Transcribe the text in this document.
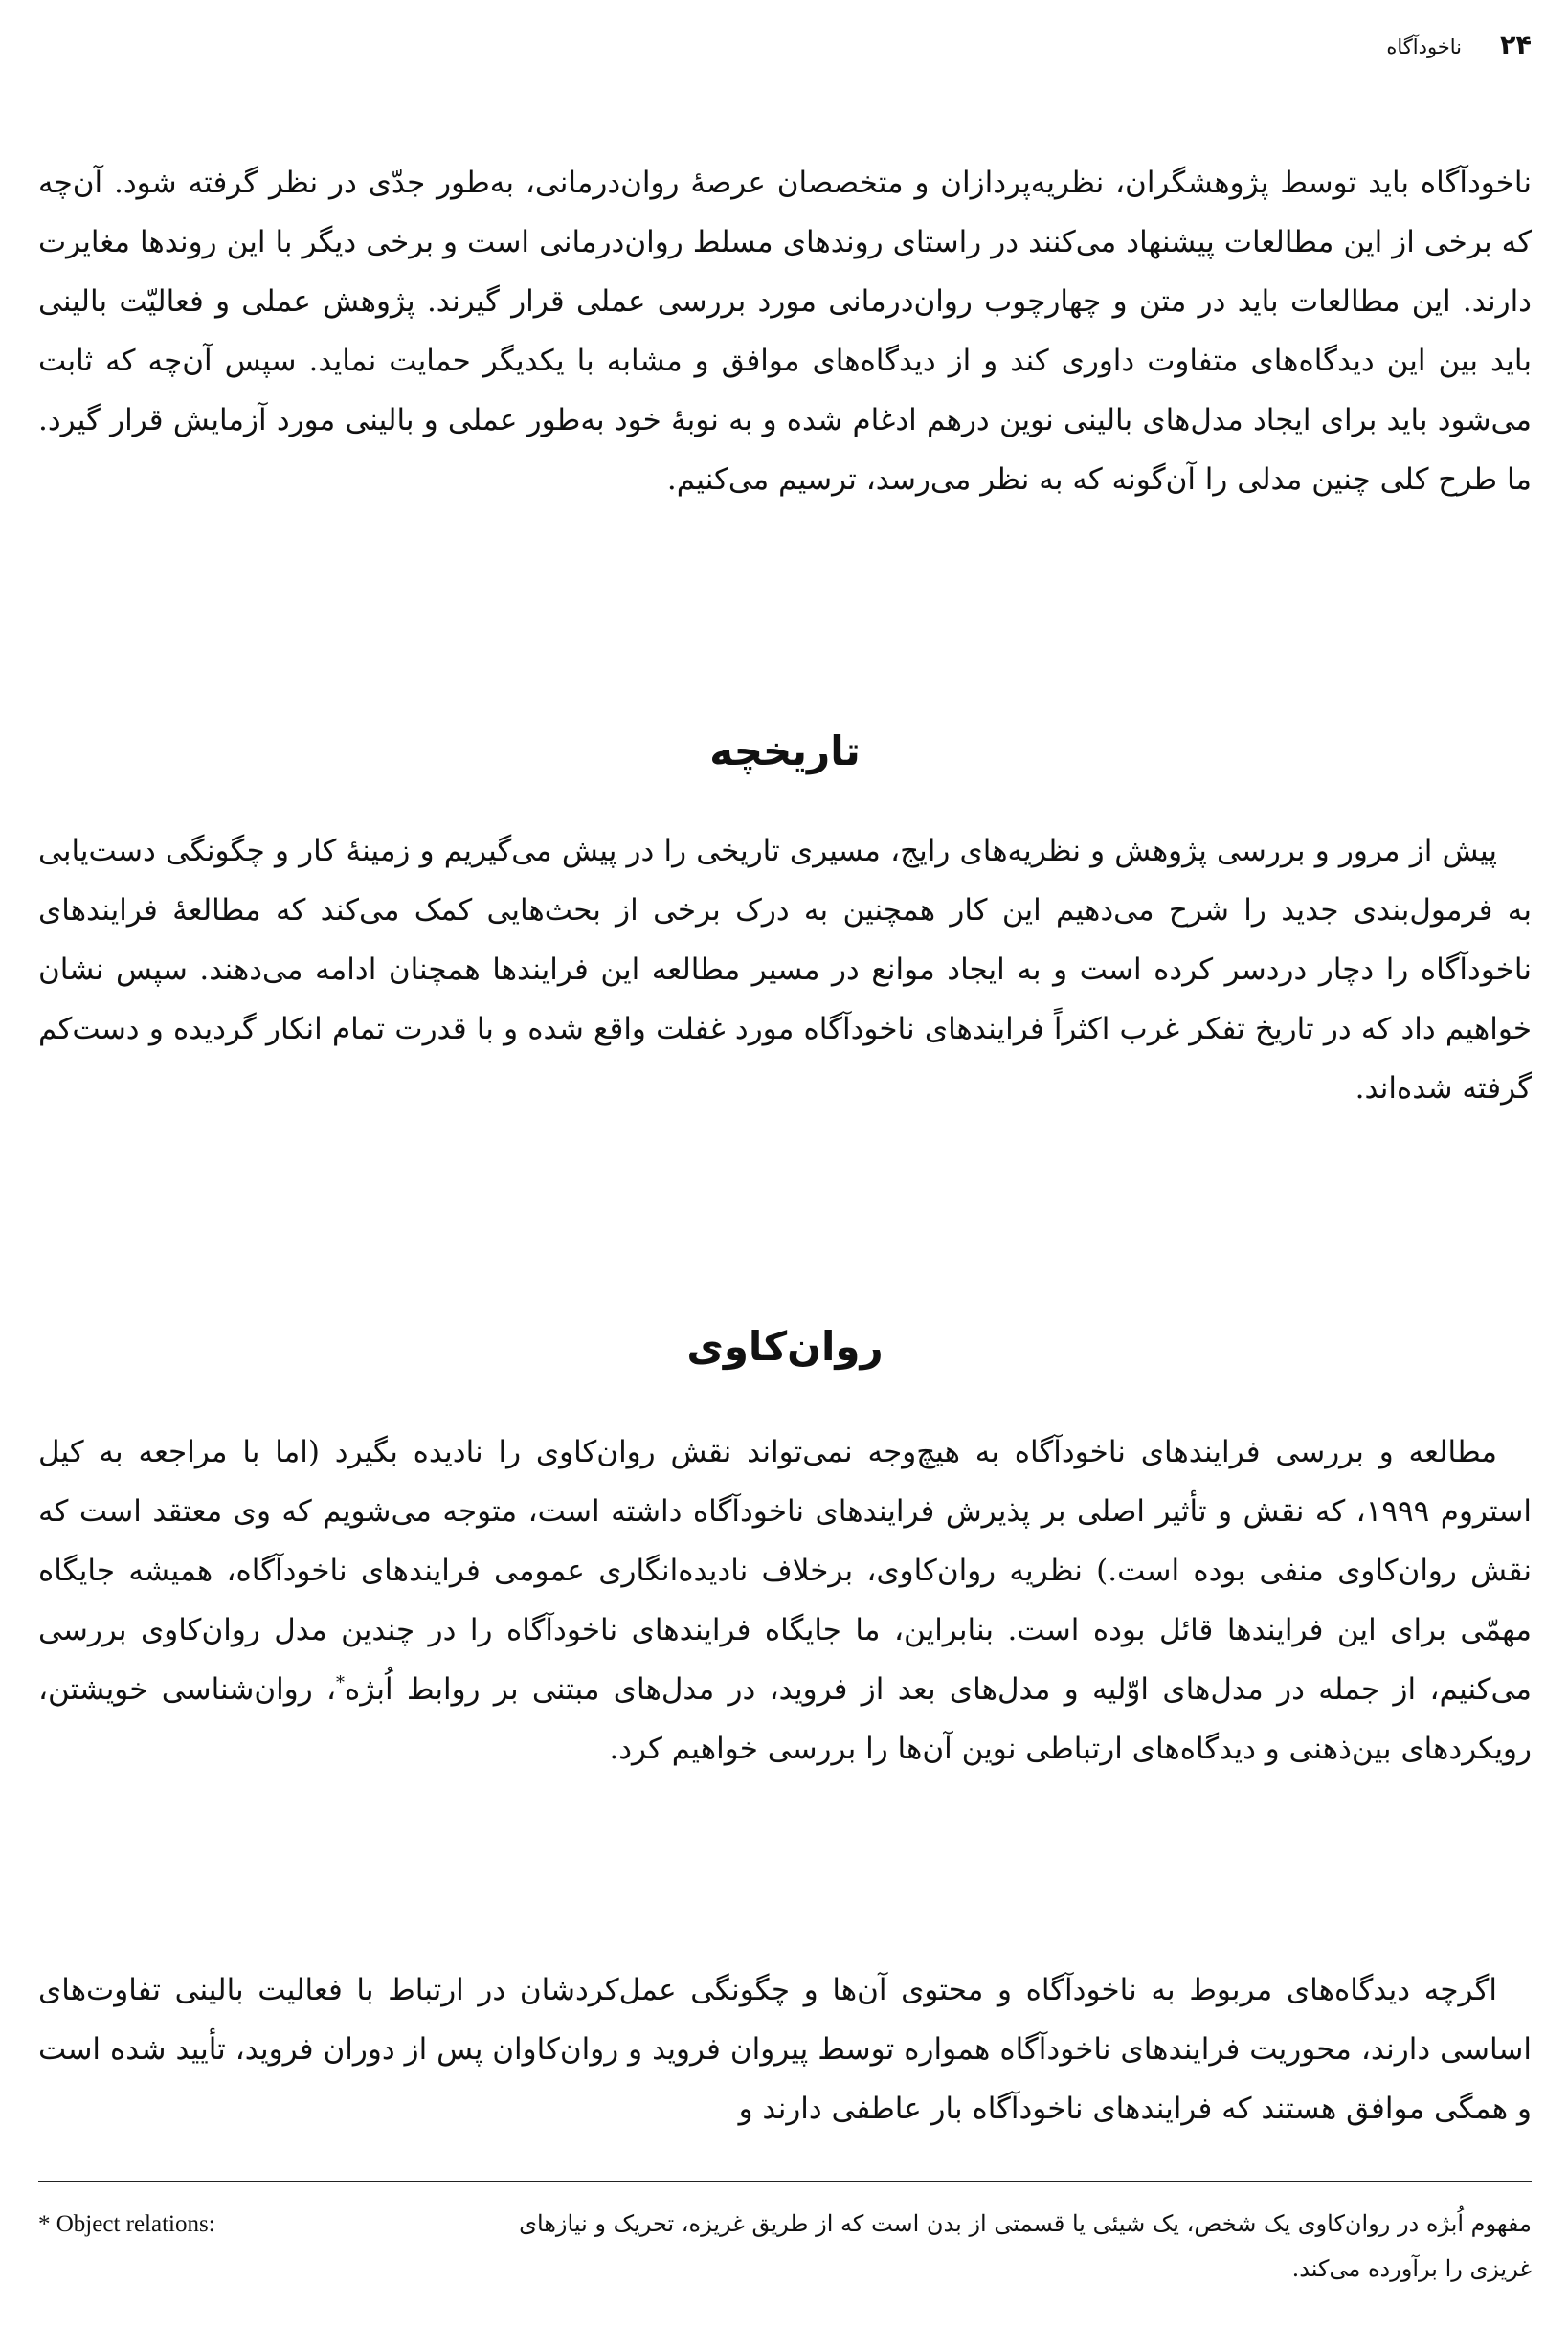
۲۴
ناخودآگاه

ناخودآگاه باید توسط پژوهشگران، نظریه‌پردازان و متخصصان عرصهٔ روان‌درمانی، به‌طور جدّی در نظر گرفته شود. آن‌چه که برخی از این مطالعات پیشنهاد می‌کنند در راستای روندهای مسلط روان‌درمانی است و برخی دیگر با این روندها مغایرت دارند. این مطالعات باید در متن و چهارچوب روان‌درمانی مورد بررسی عملی قرار گیرند. پژوهش عملی و فعالیّت بالینی باید بین این دیدگاه‌های متفاوت داوری کند و از دیدگاه‌های موافق و مشابه با یکدیگر حمایت نماید. سپس آن‌چه که ثابت می‌شود باید برای ایجاد مدل‌های بالینی نوین درهم ادغام شده و به نوبهٔ خود به‌طور عملی و بالینی مورد آزمایش قرار گیرد. ما طرح کلی چنین مدلی را آن‌گونه که به نظر می‌رسد، ترسیم می‌کنیم.

تاریخچه

پیش از مرور و بررسی پژوهش و نظریه‌های رایج، مسیری تاریخی را در پیش می‌گیریم و زمینهٔ کار و چگونگی دست‌یابی به فرمول‌بندی جدید را شرح می‌دهیم این کار همچنین به درک برخی از بحث‌هایی کمک می‌کند که مطالعهٔ فرایندهای ناخودآگاه را دچار دردسر کرده است و به ایجاد موانع در مسیر مطالعه این فرایندها همچنان ادامه می‌دهند. سپس نشان خواهیم داد که در تاریخ تفکر غرب اکثراً فرایندهای ناخودآگاه مورد غفلت واقع شده و با قدرت تمام انکار گردیده و دست‌کم گرفته شده‌اند.

روان‌کاوی

مطالعه و بررسی فرایندهای ناخودآگاه به هیچ‌وجه نمی‌تواند نقش روان‌کاوی را نادیده بگیرد (اما با مراجعه به کیل استروم ۱۹۹۹، که نقش و تأثیر اصلی بر پذیرش فرایندهای ناخودآگاه داشته است، متوجه می‌شویم که وی معتقد است که نقش روان‌کاوی منفی بوده است.) نظریه روان‌کاوی، برخلاف نادیده‌انگاری عمومی فرایندهای ناخودآگاه، همیشه جایگاه مهمّی برای این فرایندها قائل بوده است. بنابراین، ما جایگاه فرایندهای ناخودآگاه را در چندین مدل روان‌کاوی بررسی می‌کنیم، از جمله در مدل‌های اوّلیه و مدل‌های بعد از فروید، در مدل‌های مبتنی بر روابط اُبژه*، روان‌شناسی خویشتن، رویکردهای بین‌ذهنی و دیدگاه‌های ارتباطی نوین آن‌ها را بررسی خواهیم کرد.

اگرچه دیدگاه‌های مربوط به ناخودآگاه و محتوی آن‌ها و چگونگی عمل‌کردشان در ارتباط با فعالیت بالینی تفاوت‌های اساسی دارند، محوریت فرایندهای ناخودآگاه همواره توسط پیروان فروید و روان‌کاوان پس از دوران فروید، تأیید شده است و همگی موافق هستند که فرایندهای ناخودآگاه بار عاطفی دارند و

مفهوم اُبژه در روان‌کاوی یک شخص، یک شیئی یا قسمتی از بدن است که از طریق غریزه، تحریک و نیازهای
* Object relations:
غریزی را برآورده می‌کند.
